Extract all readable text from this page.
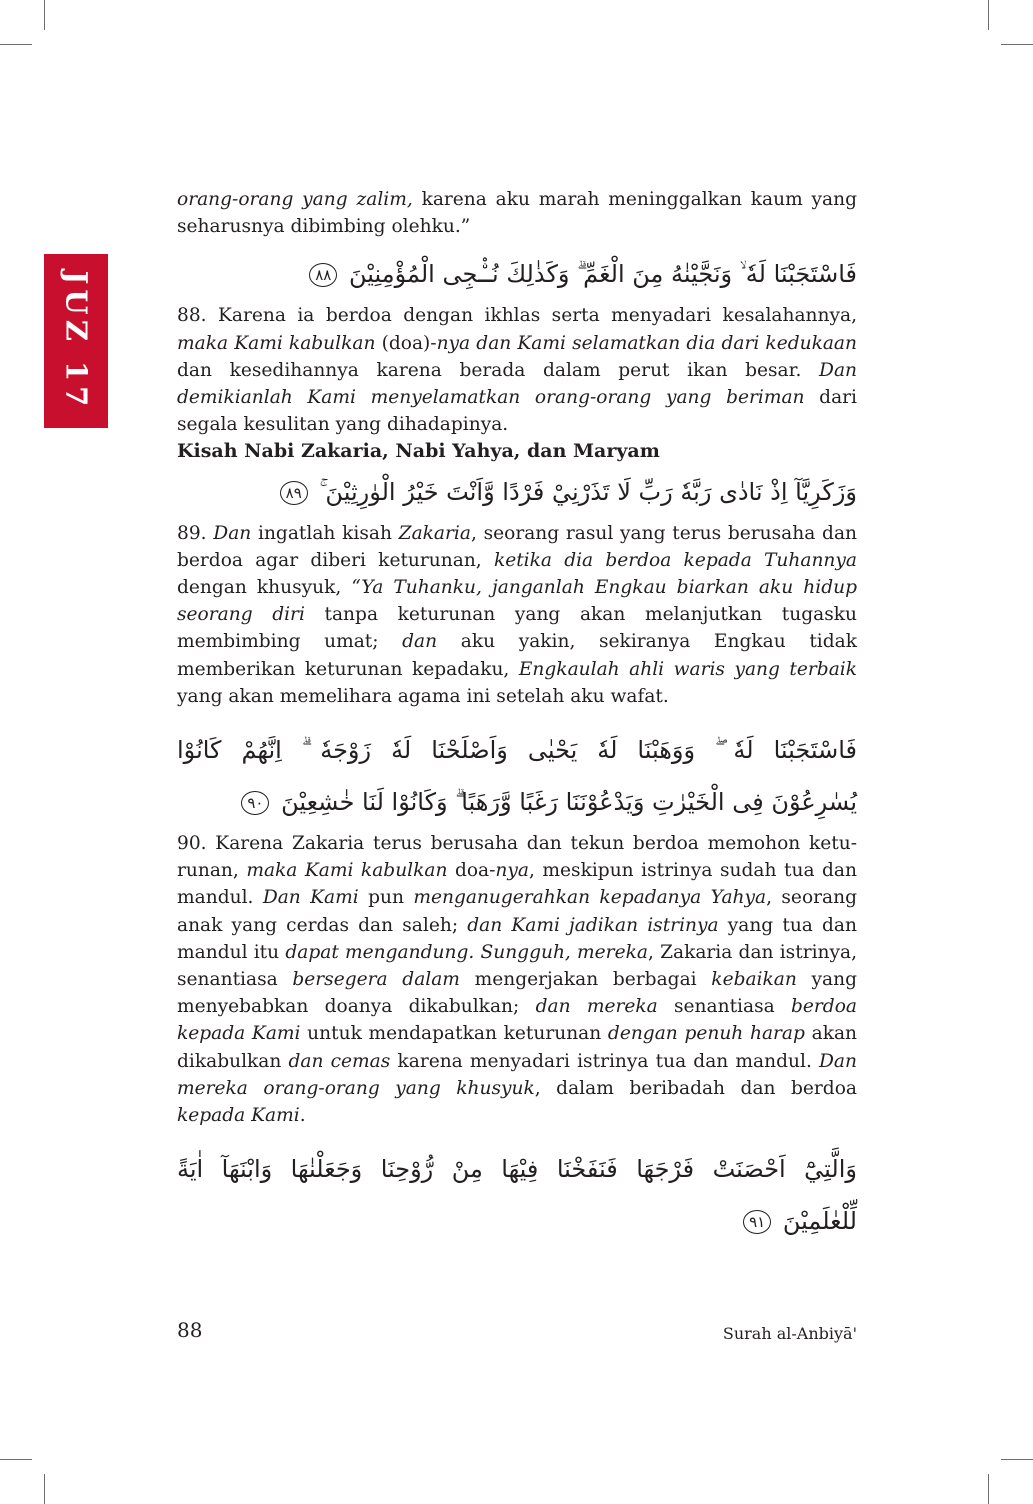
JUZ 17

orang-orang yang zalim, karena aku marah meninggalkan kaum yang seharusnya dibimbing olehku.”

فَاسْتَجَبْنَا لَهٗ ۙ وَنَجَّيْنٰهُ مِنَ الْغَمِّ ۗ وَكَذٰلِكَ نُـْۨجِى الْمُؤْمِنِيْنَ ٨٨

88. Karena ia berdoa dengan ikhlas serta menyadari kesalahannya, maka Kami kabulkan (doa)-nya dan Kami selamatkan dia dari kedukaan dan kesedihannya karena berada dalam perut ikan besar. Dan demikianlah Kami menyelamatkan orang-orang yang beriman dari segala kesulitan yang dihadapinya.

Kisah Nabi Zakaria, Nabi Yahya, dan Maryam

وَزَكَرِيَّآ اِذْ نَادٰى رَبَّهٗ رَبِّ لَا تَذَرْنِيْ فَرْدًا وَّاَنْتَ خَيْرُ الْوٰرِثِيْنَ ۚ ٨٩

89. Dan ingatlah kisah Zakaria, seorang rasul yang terus berusaha dan berdoa agar diberi keturunan, ketika dia berdoa kepada Tuhannya dengan khusyuk, “Ya Tuhanku, janganlah Engkau biarkan aku hidup seorang diri tanpa keturunan yang akan melanjutkan tugasku membimbing umat; dan aku yakin, sekiranya Engkau tidak memberikan keturunan kepadaku, Engkaulah ahli waris yang terbaik yang akan memelihara agama ini setelah aku wafat.

فَاسْتَجَبْنَا لَهٗ ۖ وَوَهَبْنَا لَهٗ يَحْيٰى وَاَصْلَحْنَا لَهٗ زَوْجَهٗ ۗ اِنَّهُمْ كَانُوْا
يُسٰرِعُوْنَ فِى الْخَيْرٰتِ وَيَدْعُوْنَنَا رَغَبًا وَّرَهَبًا ۗ وَكَانُوْا لَنَا خٰشِعِيْنَ ٩٠

90. Karena Zakaria terus berusaha dan tekun berdoa memohon keturunan, maka Kami kabulkan doa-nya, meskipun istrinya sudah tua dan mandul. Dan Kami pun menganugerahkan kepadanya Yahya, seorang anak yang cerdas dan saleh; dan Kami jadikan istrinya yang tua dan mandul itu dapat mengandung. Sungguh, mereka, Zakaria dan istrinya, senantiasa bersegera dalam mengerjakan berbagai kebaikan yang menyebabkan doanya dikabulkan; dan mereka senantiasa berdoa kepada Kami untuk mendapatkan keturunan dengan penuh harap akan dikabulkan dan cemas karena menyadari istrinya tua dan mandul. Dan mereka orang-orang yang khusyuk, dalam beribadah dan berdoa kepada Kami.

وَالَّتِيْٓ اَحْصَنَتْ فَرْجَهَا فَنَفَخْنَا فِيْهَا مِنْ رُّوْحِنَا وَجَعَلْنٰهَا وَابْنَهَآ اٰيَةً
لِّلْعٰلَمِيْنَ ٩١
88	Surah al-Anbiyā'
